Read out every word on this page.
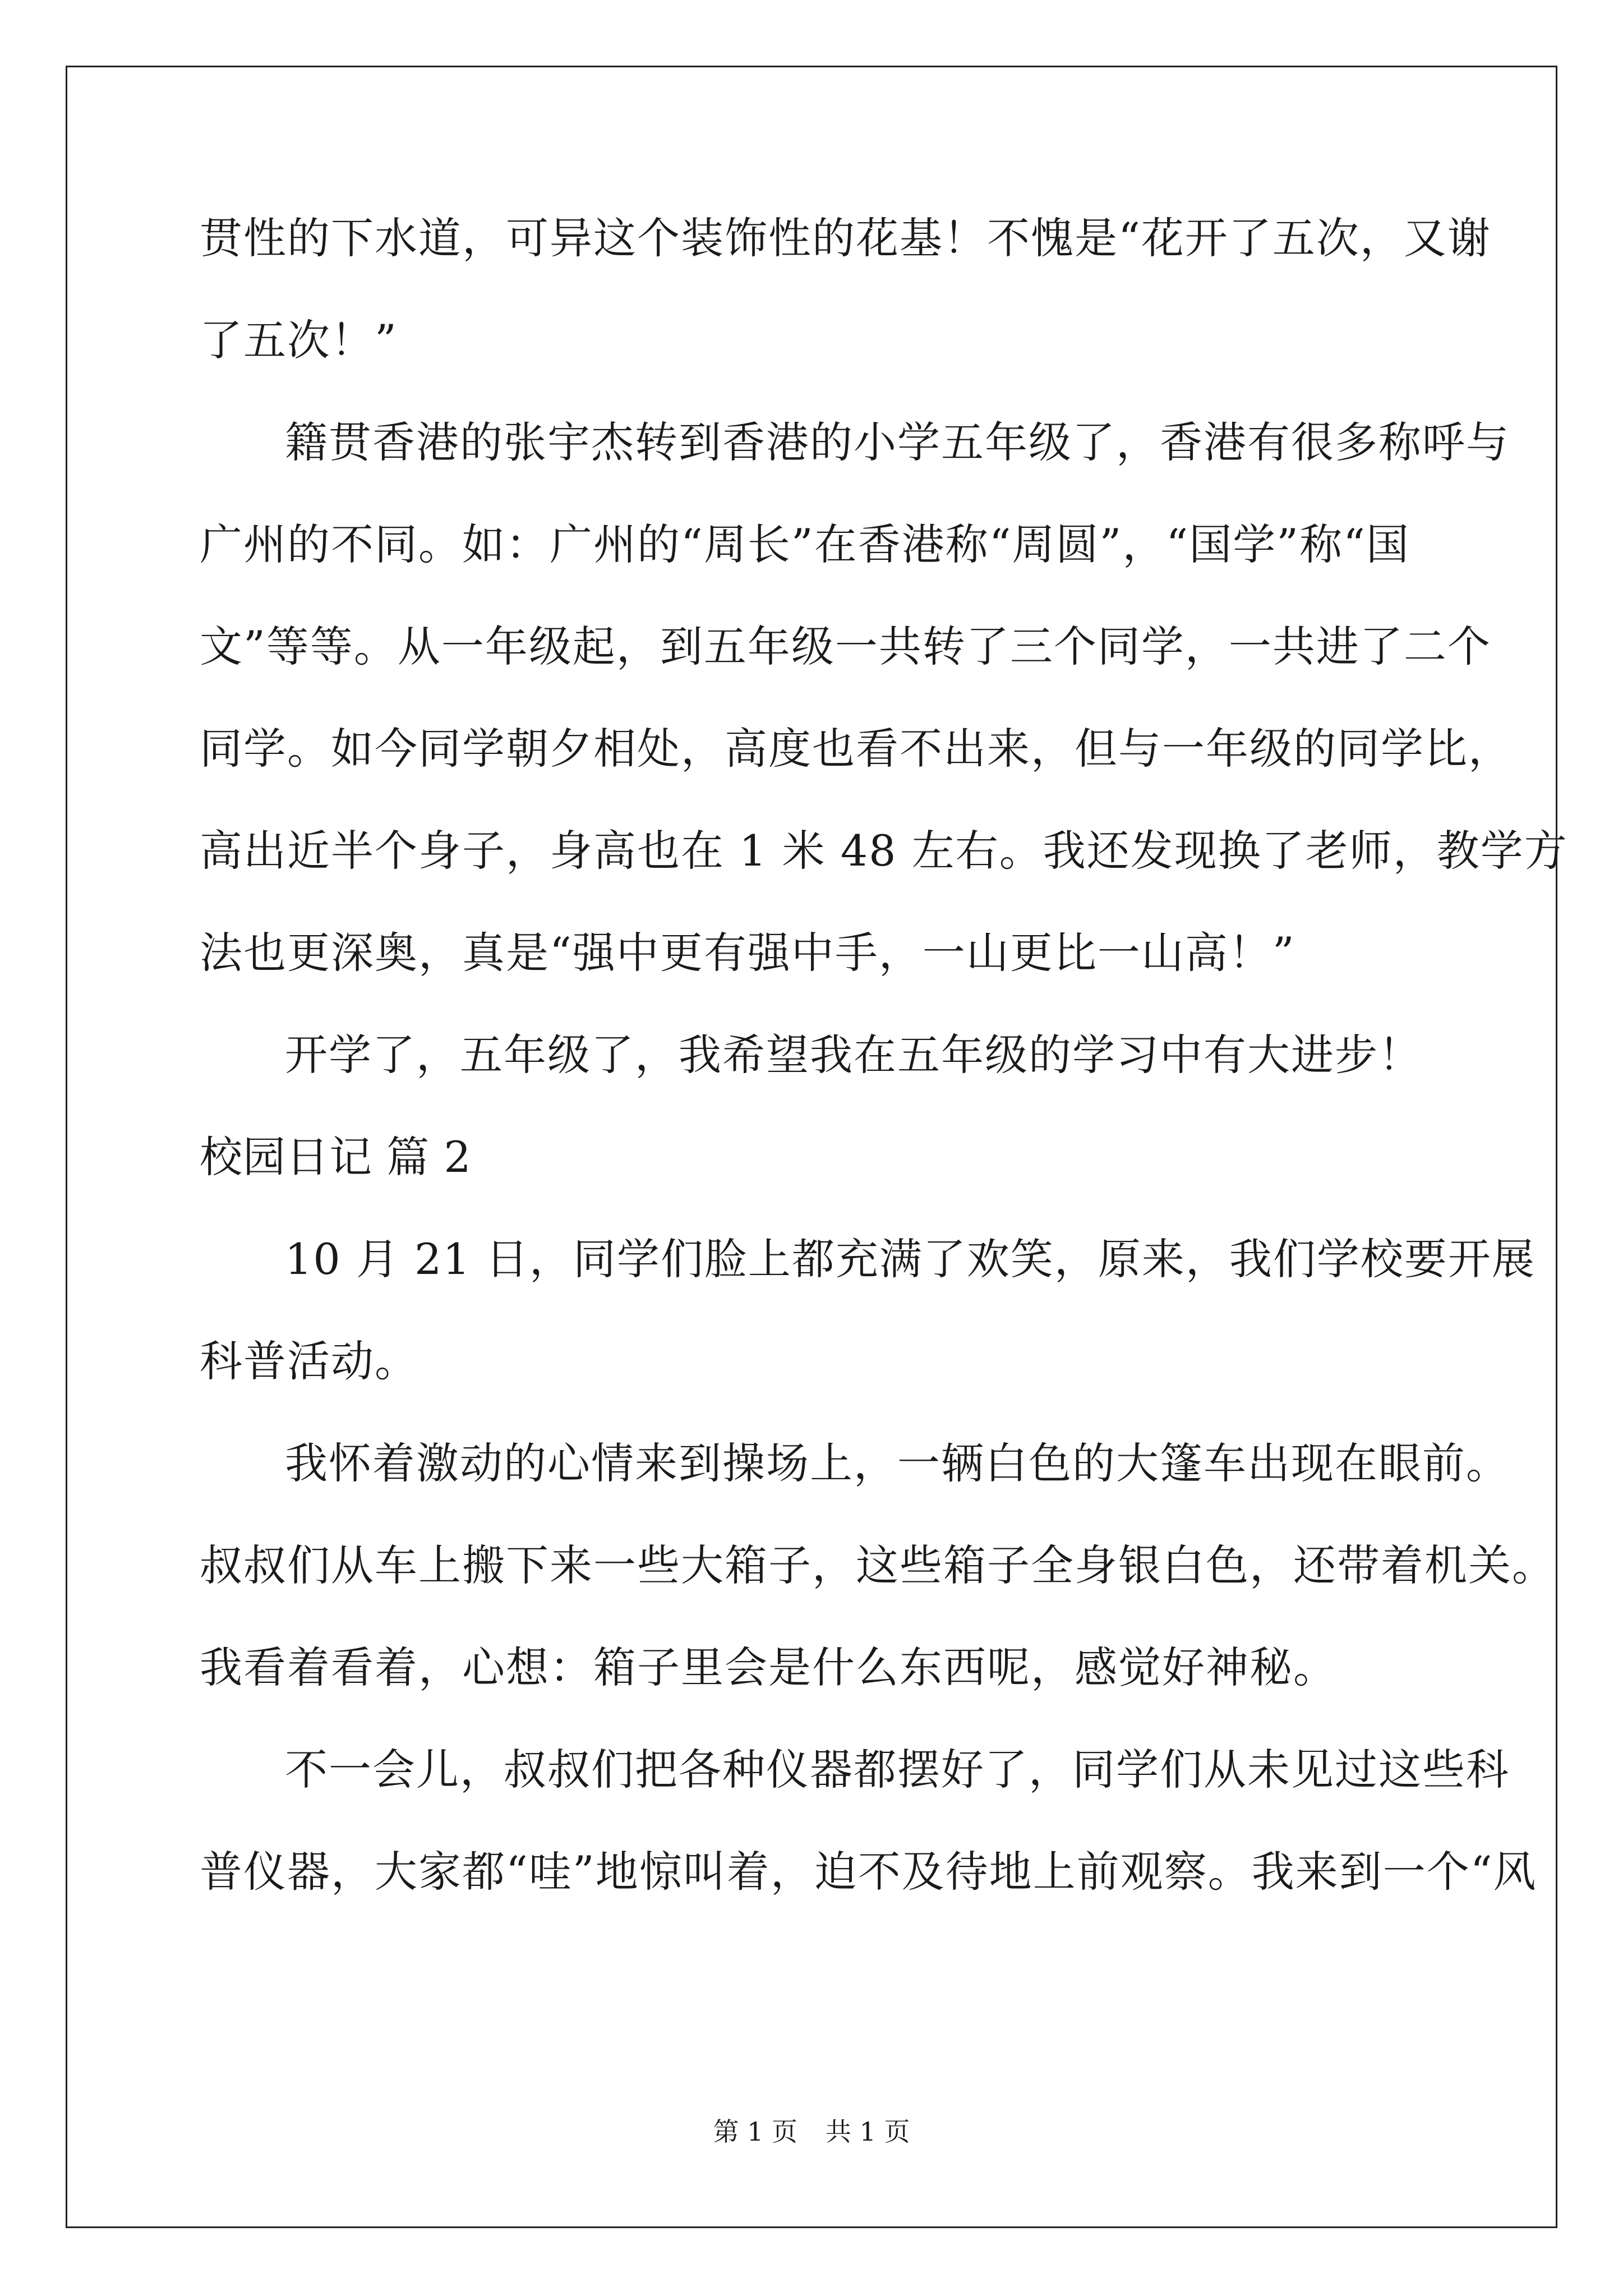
贯性的下水道，可异这个装饰性的花基！不愧是“花开了五次，又谢
了五次！”
籍贯香港的张宇杰转到香港的小学五年级了，香港有很多称呼与
广州的不同。如：广州的“周长”在香港称“周圆”，“国学”称“国
文”等等。从一年级起，到五年级一共转了三个同学，一共进了二个
同学。如今同学朝夕相处，高度也看不出来，但与一年级的同学比，
高出近半个身子，身高也在 1 米 48 左右。我还发现换了老师，教学方
法也更深奥，真是“强中更有强中手，一山更比一山高！”
开学了，五年级了，我希望我在五年级的学习中有大进步！
校园日记 篇 2
10 月 21 日，同学们脸上都充满了欢笑，原来，我们学校要开展
科普活动。
我怀着激动的心情来到操场上，一辆白色的大篷车出现在眼前。
叔叔们从车上搬下来一些大箱子，这些箱子全身银白色，还带着机关。
我看着看着，心想：箱子里会是什么东西呢，感觉好神秘。
不一会儿，叔叔们把各种仪器都摆好了，同学们从未见过这些科
普仪器，大家都“哇”地惊叫着，迫不及待地上前观察。我来到一个“风
第 1 页 共 1 页
